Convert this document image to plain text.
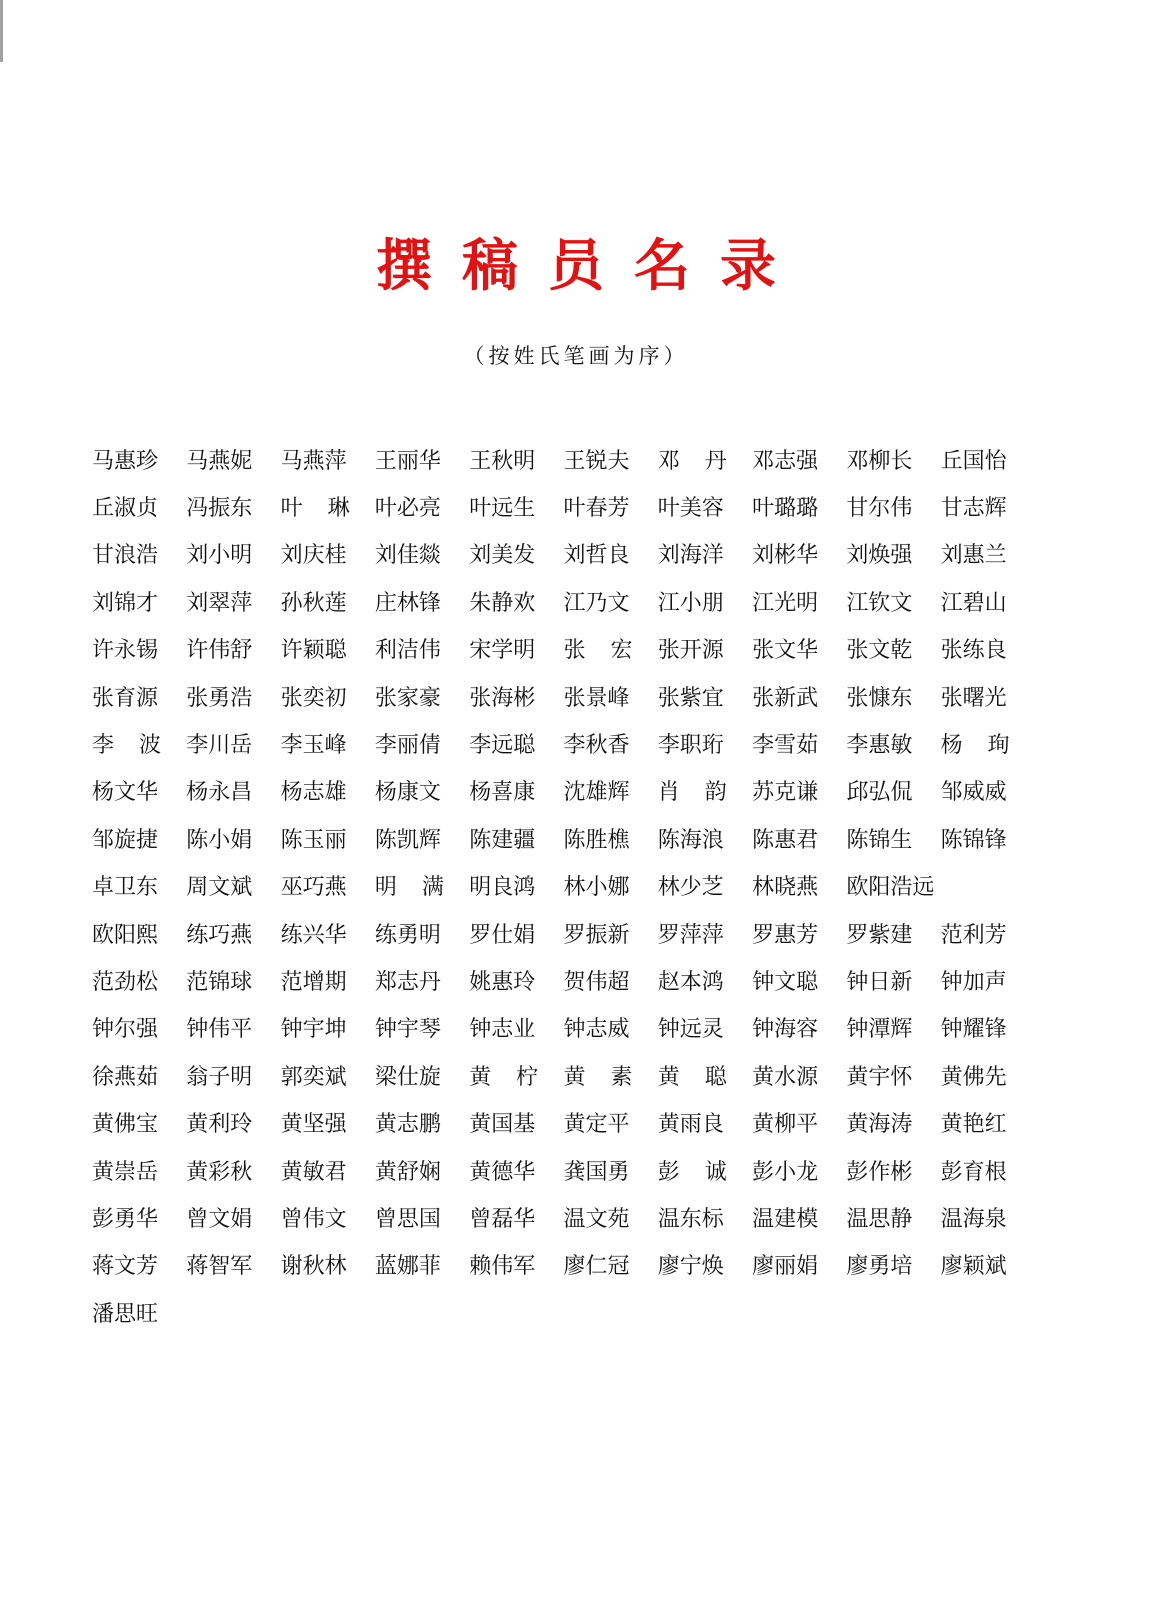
撰稿员名录
（按姓氏笔画为序）
马惠珍	马燕妮	马燕萍	王丽华	王秋明	王锐夫	邓 丹 邓志强	邓柳长	丘国怡
丘淑贞	冯振东	叶 琳 叶必亮	叶远生	叶春芳	叶美容	叶璐璐	甘尔伟	甘志辉
甘浪浩	刘小明	刘庆桂	刘佳燚	刘美发	刘哲良	刘海洋	刘彬华	刘焕强	刘惠兰
刘锦才	刘翠萍	孙秋莲	庄林锋	朱静欢	江乃文	江小朋	江光明	江钦文	江碧山
许永锡	许伟舒	许颖聪	利洁伟	宋学明	张 宏 张开源	张文华	张文乾	张练良
张育源	张勇浩	张奕初	张家豪	张海彬	张景峰	张紫宜	张新武	张慷东	张曙光
李 波 李川岳	李玉峰	李丽倩	李远聪	李秋香	李职珩	李雪茹	李惠敏	杨 珣
杨文华	杨永昌	杨志雄	杨康文	杨喜康	沈雄辉	肖 韵 苏克谦	邱弘侃	邹威威
邹旋捷	陈小娟	陈玉丽	陈凯辉	陈建疆	陈胜樵	陈海浪	陈惠君	陈锦生	陈锦锋
卓卫东	周文斌	巫巧燕	明 满 明良鸿	林小娜	林少芝	林晓燕	欧阳浩远
欧阳熙	练巧燕	练兴华	练勇明	罗仕娟	罗振新	罗萍萍	罗惠芳	罗紫建	范利芳
范劲松	范锦球	范增期	郑志丹	姚惠玲	贺伟超	赵本鸿	钟文聪	钟日新	钟加声
钟尔强	钟伟平	钟宇坤	钟宇琴	钟志业	钟志威	钟远灵	钟海容	钟潭辉	钟耀锋
徐燕茹	翁子明	郭奕斌	梁仕旋	黄 柠 黄 素 黄 聪 黄水源	黄宇怀	黄佛先
黄佛宝	黄利玲	黄坚强	黄志鹏	黄国基	黄定平	黄雨良	黄柳平	黄海涛	黄艳红
黄崇岳	黄彩秋	黄敏君	黄舒娴	黄德华	龚国勇	彭 诚 彭小龙	彭作彬	彭育根
彭勇华	曾文娟	曾伟文	曾思国	曾磊华	温文苑	温东标	温建模	温思静	温海泉
蒋文芳	蒋智军	谢秋林	蓝娜菲	赖伟军	廖仁冠	廖宁焕	廖丽娟	廖勇培	廖颖斌
潘思旺
